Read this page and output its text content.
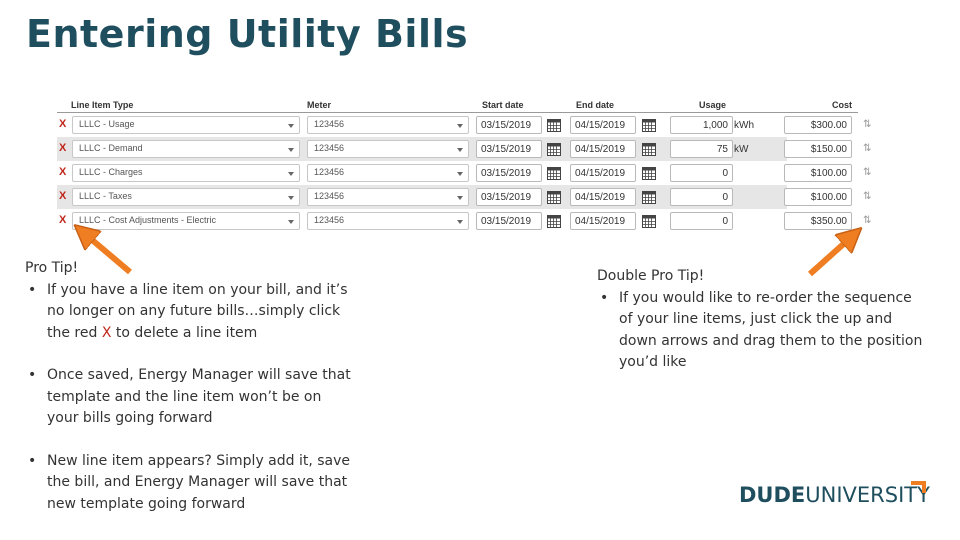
Entering Utility Bills
Line Item Type	Meter	Start date	End date	Usage	Cost
X LLLC - Usage	123456	03/15/2019	04/15/2019	1,000 kWh	$300.00 ⇅
X LLLC - Demand	123456	03/15/2019	04/15/2019	75 kW	$150.00 ⇅
X LLLC - Charges	123456	03/15/2019	04/15/2019	0	$100.00 ⇅
X LLLC - Taxes	123456	03/15/2019	04/15/2019	0	$100.00 ⇅
X LLLC - Cost Adjustments - Electric	123456	03/15/2019	04/15/2019	0	$350.00 ⇅
Pro Tip!
• If you have a line item on your bill, and it’s no longer on any future bills…simply click the red X to delete a line item
• Once saved, Energy Manager will save that template and the line item won’t be on your bills going forward
• New line item appears? Simply add it, save the bill, and Energy Manager will save that new template going forward
Double Pro Tip!
• If you would like to re-order the sequence of your line items, just click the up and down arrows and drag them to the position you’d like
DUDEUNIVERSITY
